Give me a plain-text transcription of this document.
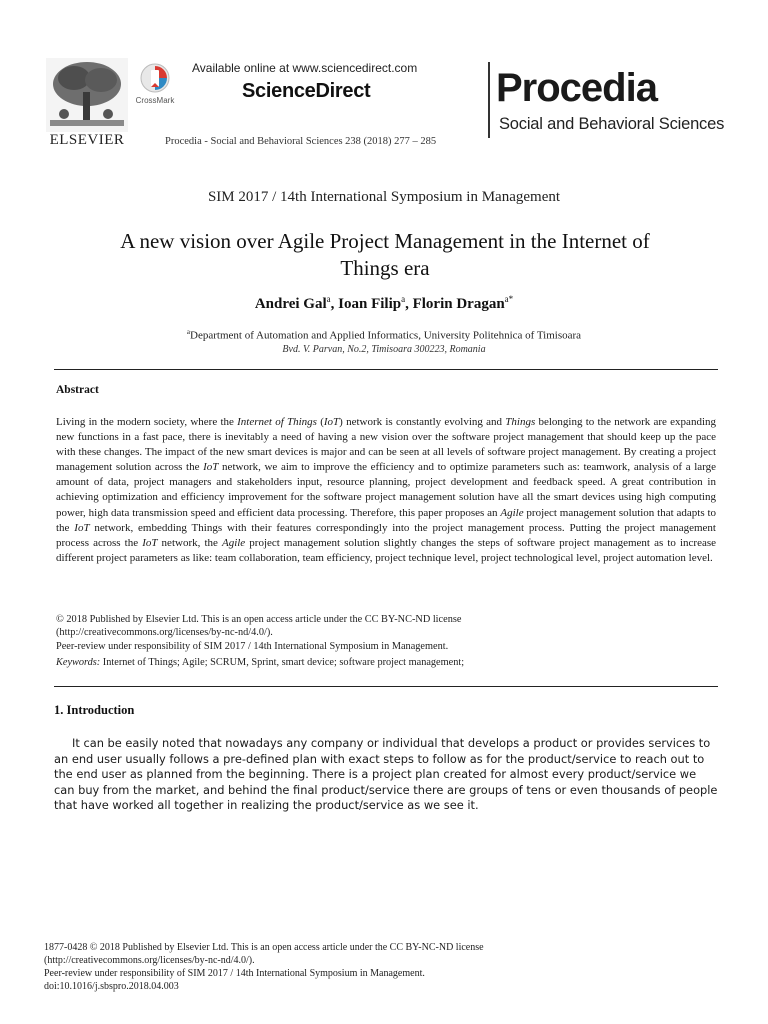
ELSEVIER
CrossMark
Available online at www.sciencedirect.com
ScienceDirect
Procedia - Social and Behavioral Sciences 238 (2018) 277 – 285
Procedia
Social and Behavioral Sciences
SIM 2017 / 14th International Symposium in Management
A new vision over Agile Project Management in the Internet of
Things era
Andrei Gal$^a$, Ioan Filip$^a$, Florin Dragan$^{a*}$
$^a$Department of Automation and Applied Informatics, University Politehnica of Timisoara
Bvd. V. Parvan, No.2, Timisoara 300223, Romania
Abstract
Living in the modern society, where the Internet of Things (IoT) network is constantly evolving and Things belonging to the network are expanding new functions in a fast pace, there is inevitably a need of having a new vision over the software project management that should keep up the pace with these changes. The impact of the new smart devices is major and can be seen at all levels of software project management. By creating a project management solution across the IoT network, we aim to improve the efficiency and to optimize parameters such as: teamwork, analysis of a large amount of data, project managers and stakeholders input, resource planning, project development and feedback speed. A great contribution in achieving optimization and efficiency improvement for the software project management solution have all the smart devices using high computing power, high data transmission speed and efficient data processing. Therefore, this paper proposes an Agile project management solution that adapts to the IoT network, embedding Things with their features correspondingly into the project management process. Putting the project management process across the IoT network, the Agile project management solution slightly changes the steps of software project management as to increase different project parameters as like: team collaboration, team efficiency, project technique level, project technological level, project automation level.
© 2018 Published by Elsevier Ltd. This is an open access article under the CC BY-NC-ND license
(http://creativecommons.org/licenses/by-nc-nd/4.0/).
Peer-review under responsibility of SIM 2017 / 14th International Symposium in Management.
Keywords: Internet of Things; Agile; SCRUM, Sprint, smart device; software project management;
1. Introduction
It can be easily noted that nowadays any company or individual that develops a product or provides services to an end user usually follows a pre-defined plan with exact steps to follow as for the product/service to reach out to the end user as planned from the beginning. There is a project plan created for almost every product/service we can buy from the market, and behind the final product/service there are groups of tens or even thousands of people that have worked all together in realizing the product/service as we see it.
1877-0428 © 2018 Published by Elsevier Ltd. This is an open access article under the CC BY-NC-ND license
(http://creativecommons.org/licenses/by-nc-nd/4.0/).
Peer-review under responsibility of SIM 2017 / 14th International Symposium in Management.
doi:10.1016/j.sbspro.2018.04.003
